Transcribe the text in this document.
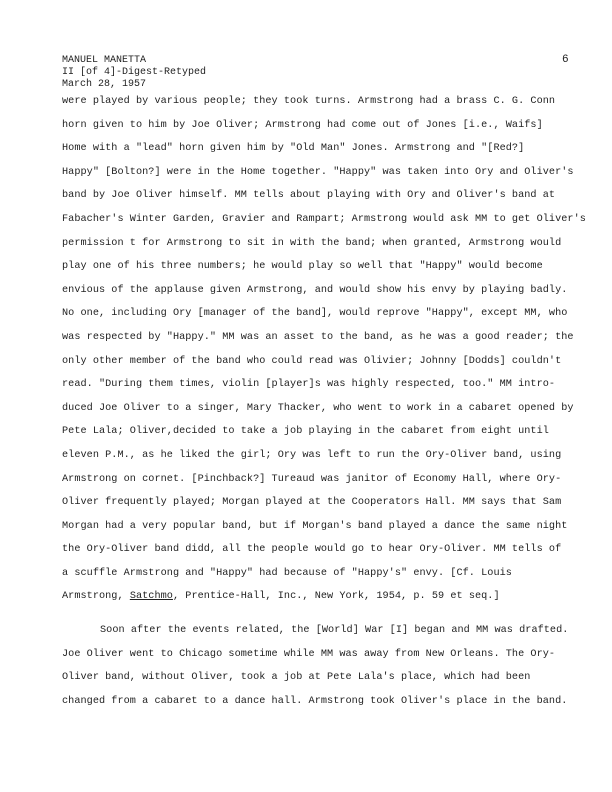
MANUEL MANETTA
II [of 4]-Digest-Retyped
March 28, 1957
6
were played by various people; they took turns. Armstrong had a brass C. G. Conn
horn given to him by Joe Oliver; Armstrong had come out of Jones [i.e., Waifs]
Home with a "lead" horn given him by "Old Man" Jones. Armstrong and "[Red?]
Happy" [Bolton?] were in the Home together. "Happy" was taken into Ory and Oliver's
band by Joe Oliver himself. MM tells about playing with Ory and Oliver's band at
Fabacher's Winter Garden, Gravier and Rampart; Armstrong would ask MM to get Oliver's
permission t for Armstrong to sit in with the band; when granted, Armstrong would
play one of his three numbers; he would play so well that "Happy" would become
envious of the applause given Armstrong, and would show his envy by playing badly.
No one, including Ory [manager of the band], would reprove "Happy", except MM, who
was respected by "Happy." MM was an asset to the band, as he was a good reader; the
only other member of the band who could read was Olivier; Johnny [Dodds] couldn't
read. "During them times, violin [player]s was highly respected, too." MM intro-
duced Joe Oliver to a singer, Mary Thacker, who went to work in a cabaret opened by
Pete Lala; Oliver,decided to take a job playing in the cabaret from eight until
eleven P.M., as he liked the girl; Ory was left to run the Ory-Oliver band, using
Armstrong on cornet. [Pinchback?] Tureaud was janitor of Economy Hall, where Ory-
Oliver frequently played; Morgan played at the Cooperators Hall. MM says that Sam
Morgan had a very popular band, but if Morgan's band played a dance the same night
the Ory-Oliver band didd, all the people would go to hear Ory-Oliver. MM tells of
a scuffle Armstrong and "Happy" had because of "Happy's" envy. [Cf. Louis
Armstrong, Satchmo, Prentice-Hall, Inc., New York, 1954, p. 59 et seq.]
Soon after the events related, the [World] War [I] began and MM was drafted.
Joe Oliver went to Chicago sometime while MM was away from New Orleans. The Ory-
Oliver band, without Oliver, took a job at Pete Lala's place, which had been
changed from a cabaret to a dance hall. Armstrong took Oliver's place in the band.
